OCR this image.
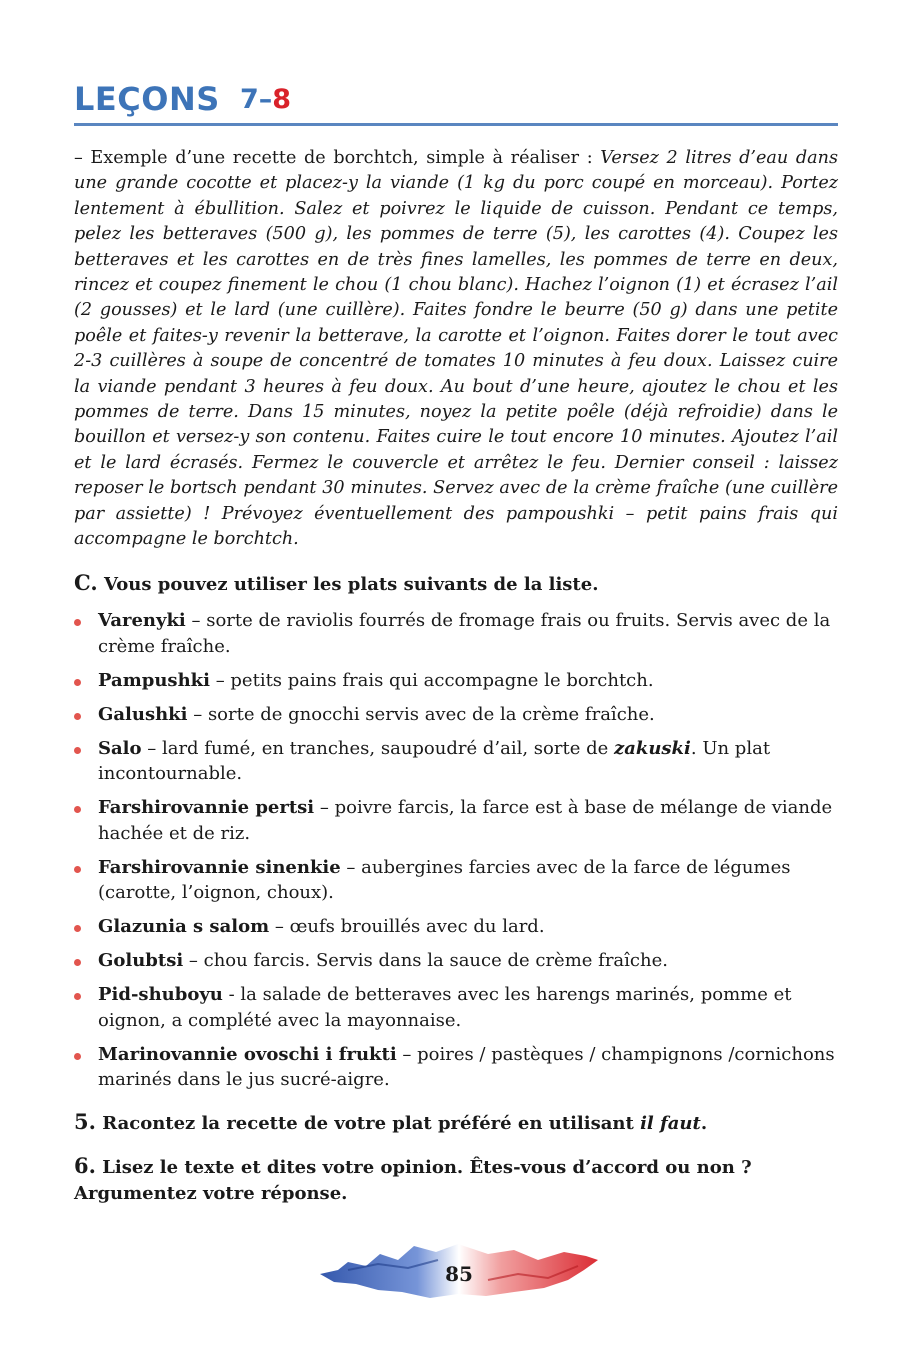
LEÇONS 7–8

– Exemple d’une recette de borchtch, simple à réaliser : Versez 2 litres d’eau dans une grande cocotte et placez-y la viande (1 kg du porc coupé en morceau). Portez lentement à ébullition. Salez et poivrez le liquide de cuisson. Pendant ce temps, pelez les betteraves (500 g), les pommes de terre (5), les carottes (4). Coupez les betteraves et les carottes en de très fines lamelles, les pommes de terre en deux, rincez et coupez finement le chou (1 chou blanc). Hachez l’oignon (1) et écrasez l’ail (2 gousses) et le lard (une cuillère). Faites fondre le beurre (50 g) dans une petite poêle et faites-y revenir la betterave, la carotte et l’oignon. Faites dorer le tout avec 2-3 cuillères à soupe de concentré de tomates 10 minutes à feu doux. Laissez cuire la viande pendant 3 heures à feu doux. Au bout d’une heure, ajoutez le chou et les pommes de terre. Dans 15 minutes, noyez la petite poêle (déjà refroidie) dans le bouillon et versez-y son contenu. Faites cuire le tout encore 10 minutes. Ajoutez l’ail et le lard écrasés. Fermez le couvercle et arrêtez le feu. Dernier conseil : laissez reposer le bortsch pendant 30 minutes. Servez avec de la crème fraîche (une cuillère par assiette) ! Prévoyez éventuellement des pampoushki – petit pains frais qui accompagne le borchtch.

C. Vous pouvez utiliser les plats suivants de la liste.
Varenyki – sorte de raviolis fourrés de fromage frais ou fruits. Servis avec de la crème fraîche.
Pampushki – petits pains frais qui accompagne le borchtch.
Galushki – sorte de gnocchi servis avec de la crème fraîche.
Salo – lard fumé, en tranches, saupoudré d’ail, sorte de zakuski. Un plat incontournable.
Farshirovannie pertsi – poivre farcis, la farce est à base de mélange de viande hachée et de riz.
Farshirovannie sinenkie – aubergines farcies avec de la farce de légumes (carotte, l’oignon, choux).
Glazunia s salom – œufs brouillés avec du lard.
Golubtsi – chou farcis. Servis dans la sauce de crème fraîche.
Pid-shuboyu - la salade de betteraves avec les harengs marinés, pomme et oignon, a complété avec la mayonnaise.
Marinovannie ovoschi i frukti – poires / pastèques / champignons /cornichons marinés dans le jus sucré-aigre.
5. Racontez la recette de votre plat préféré en utilisant il faut.
6. Lisez le texte et dites votre opinion. Êtes-vous d’accord ou non ? Argumentez votre réponse.
85
